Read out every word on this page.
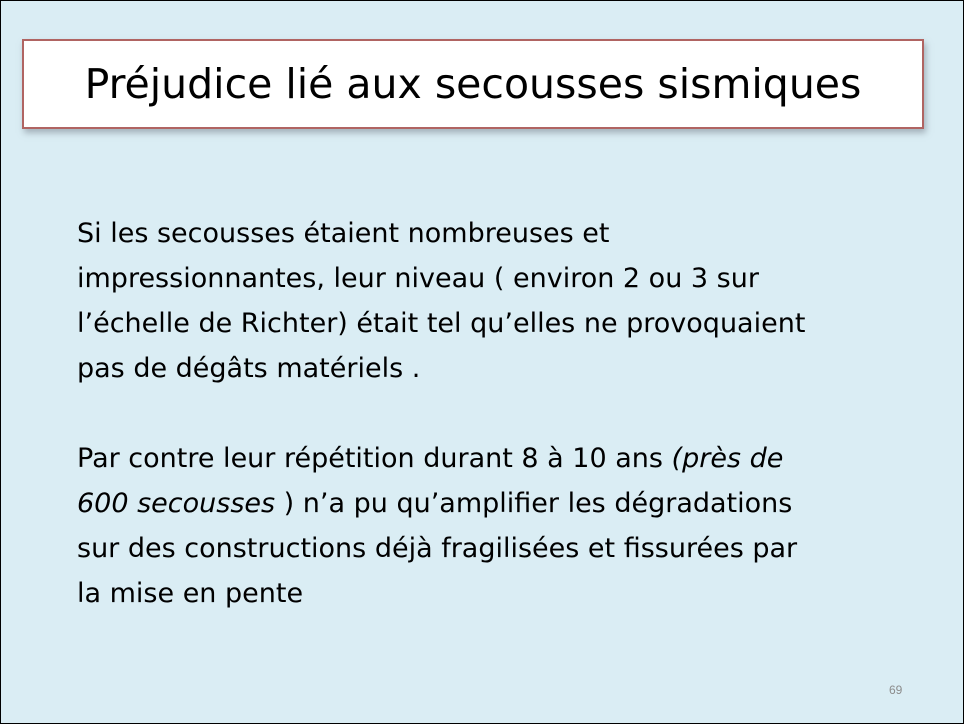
Préjudice lié aux secousses sismiques

Si les secousses étaient nombreuses et
impressionnantes, leur niveau ( environ 2 ou 3 sur
l’échelle de Richter) était tel qu’elles ne provoquaient
pas de dégâts matériels .

Par contre leur répétition durant 8 à 10 ans (près de
600 secousses ) n’a pu qu’amplifier les dégradations
sur des constructions déjà fragilisées et fissurées par
la mise en pente

69
